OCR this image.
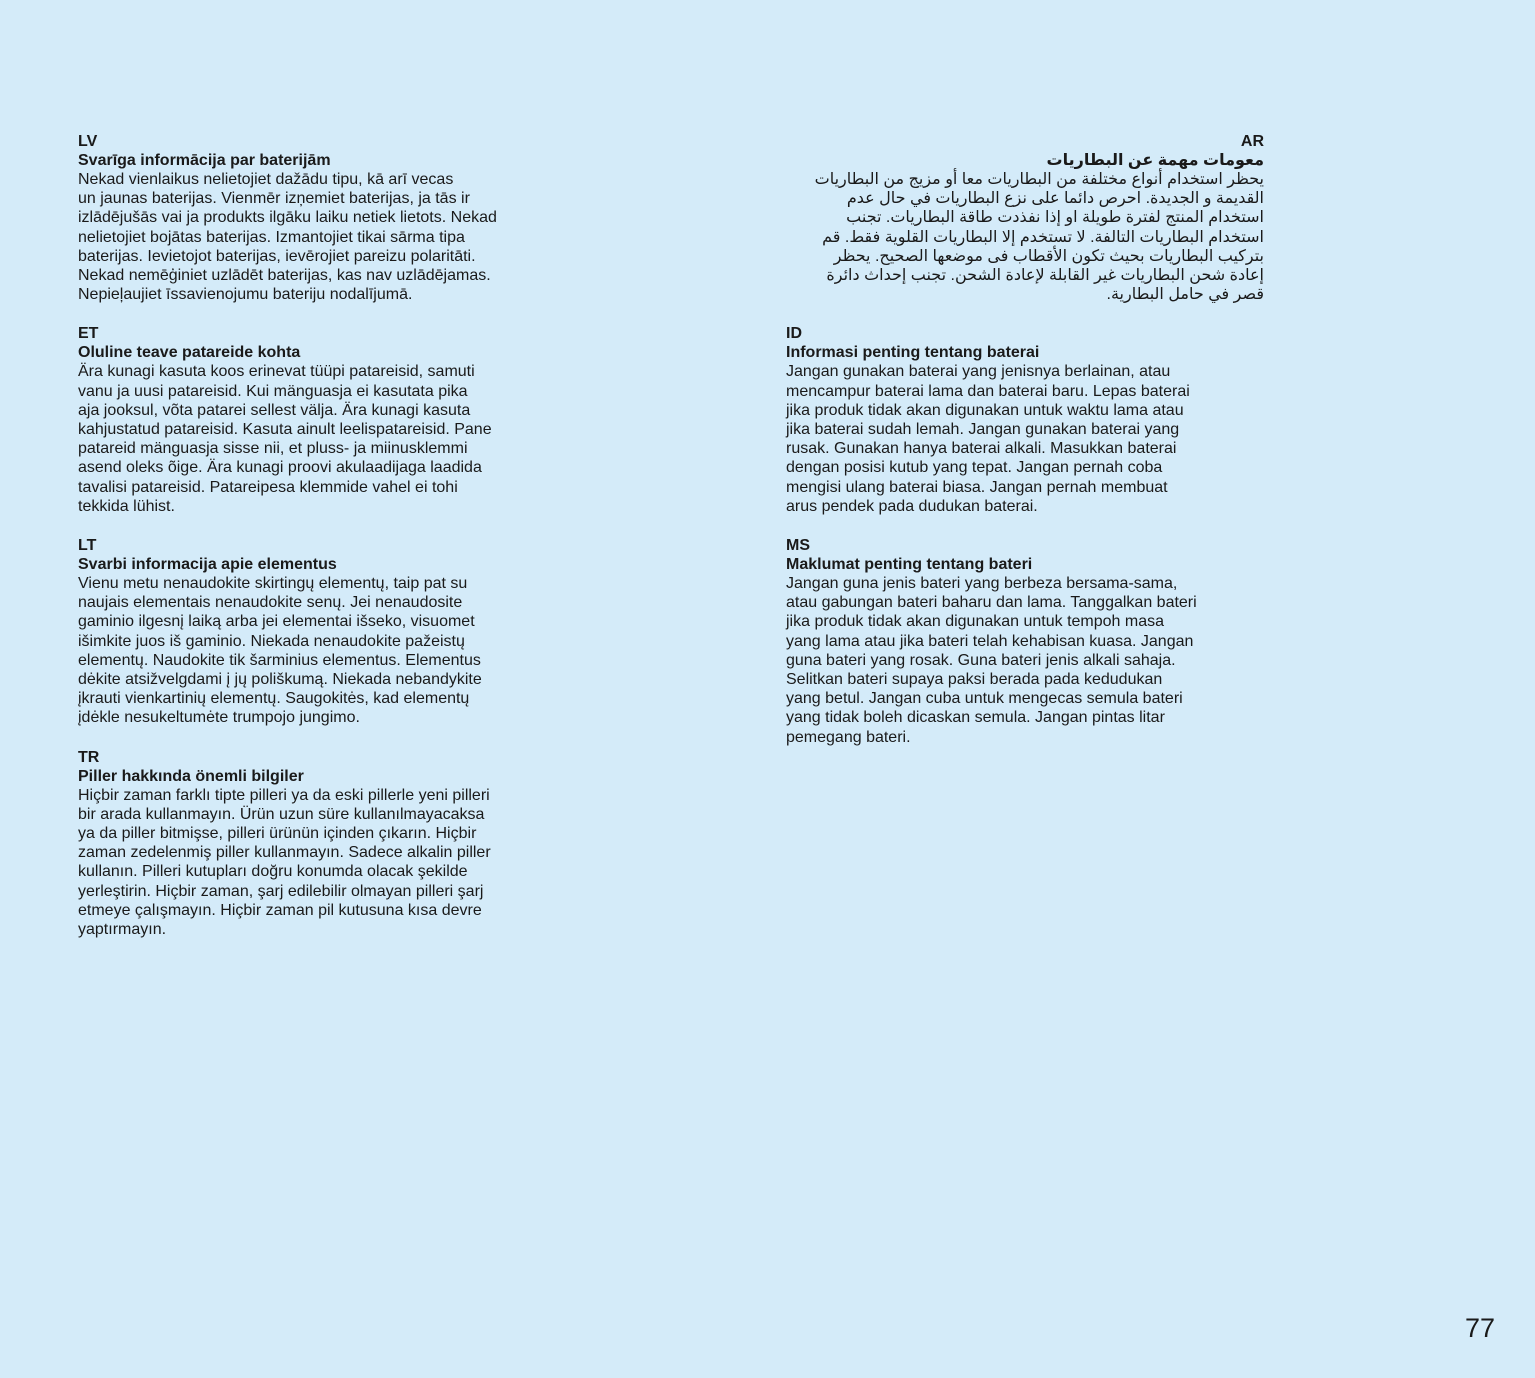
LV
Svarīga informācija par baterijām
Nekad vienlaikus nelietojiet dažādu tipu, kā arī vecas
un jaunas baterijas. Vienmēr izņemiet baterijas, ja tās ir
izlādējušās vai ja produkts ilgāku laiku netiek lietots. Nekad
nelietojiet bojātas baterijas. Izmantojiet tikai sārma tipa
baterijas. Ievietojot baterijas, ievērojiet pareizu polaritāti.
Nekad nemēģiniet uzlādēt baterijas, kas nav uzlādējamas.
Nepieļaujiet īssavienojumu bateriju nodalījumā.
ET
Oluline teave patareide kohta
Ära kunagi kasuta koos erinevat tüüpi patareisid, samuti
vanu ja uusi patareisid. Kui mänguasja ei kasutata pika
aja jooksul, võta patarei sellest välja. Ära kunagi kasuta
kahjustatud patareisid. Kasuta ainult leelispatareisid. Pane
patareid mänguasja sisse nii, et pluss- ja miinusklemmi
asend oleks õige. Ära kunagi proovi akulaadijaga laadida
tavalisi patareisid. Patareipesa klemmide vahel ei tohi
tekkida lühist.
LT
Svarbi informacija apie elementus
Vienu metu nenaudokite skirtingų elementų, taip pat su
naujais elementais nenaudokite senų. Jei nenaudosite
gaminio ilgesnį laiką arba jei elementai išseko, visuomet
išimkite juos iš gaminio. Niekada nenaudokite pažeistų
elementų. Naudokite tik šarminius elementus. Elementus
dėkite atsižvelgdami į jų poliškumą. Niekada nebandykite
įkrauti vienkartinių elementų. Saugokitės, kad elementų
įdėkle nesukeltumėte trumpojo jungimo.
TR
Piller hakkında önemli bilgiler
Hiçbir zaman farklı tipte pilleri ya da eski pillerle yeni pilleri
bir arada kullanmayın. Ürün uzun süre kullanılmayacaksa
ya da piller bitmişse, pilleri ürünün içinden çıkarın. Hiçbir
zaman zedelenmiş piller kullanmayın. Sadece alkalin piller
kullanın. Pilleri kutupları doğru konumda olacak şekilde
yerleştirin. Hiçbir zaman, şarj edilebilir olmayan pilleri şarj
etmeye çalışmayın. Hiçbir zaman pil kutusuna kısa devre
yaptırmayın.
AR
معومات مهمة عن البطاريات
يحظر استخدام أنواع مختلفة من البطاريات معا أو مزيج من البطاريات
القديمة و الجديدة. احرص دائما على نزع البطاريات في حال عدم
استخدام المنتج لفترة طويلة او إذا نفذدت طاقة البطاريات. تجنب
استخدام البطاريات التالفة. لا تستخدم إلا البطاريات القلوية فقط. قم
بتركيب البطاريات بحيث تكون الأقطاب فى موضعها الصحيح. يحظر
إعادة شحن البطاريات غير القابلة لإعادة الشحن. تجنب إحداث دائرة
قصر في حامل البطارية.
ID
Informasi penting tentang baterai
Jangan gunakan baterai yang jenisnya berlainan, atau
mencampur baterai lama dan baterai baru. Lepas baterai
jika produk tidak akan digunakan untuk waktu lama atau
jika baterai sudah lemah. Jangan gunakan baterai yang
rusak. Gunakan hanya baterai alkali. Masukkan baterai
dengan posisi kutub yang tepat. Jangan pernah coba
mengisi ulang baterai biasa. Jangan pernah membuat
arus pendek pada dudukan baterai.
MS
Maklumat penting tentang bateri
Jangan guna jenis bateri yang berbeza bersama-sama,
atau gabungan bateri baharu dan lama. Tanggalkan bateri
jika produk tidak akan digunakan untuk tempoh masa
yang lama atau jika bateri telah kehabisan kuasa. Jangan
guna bateri yang rosak. Guna bateri jenis alkali sahaja.
Selitkan bateri supaya paksi berada pada kedudukan
yang betul. Jangan cuba untuk mengecas semula bateri
yang tidak boleh dicaskan semula. Jangan pintas litar
pemegang bateri.
77
